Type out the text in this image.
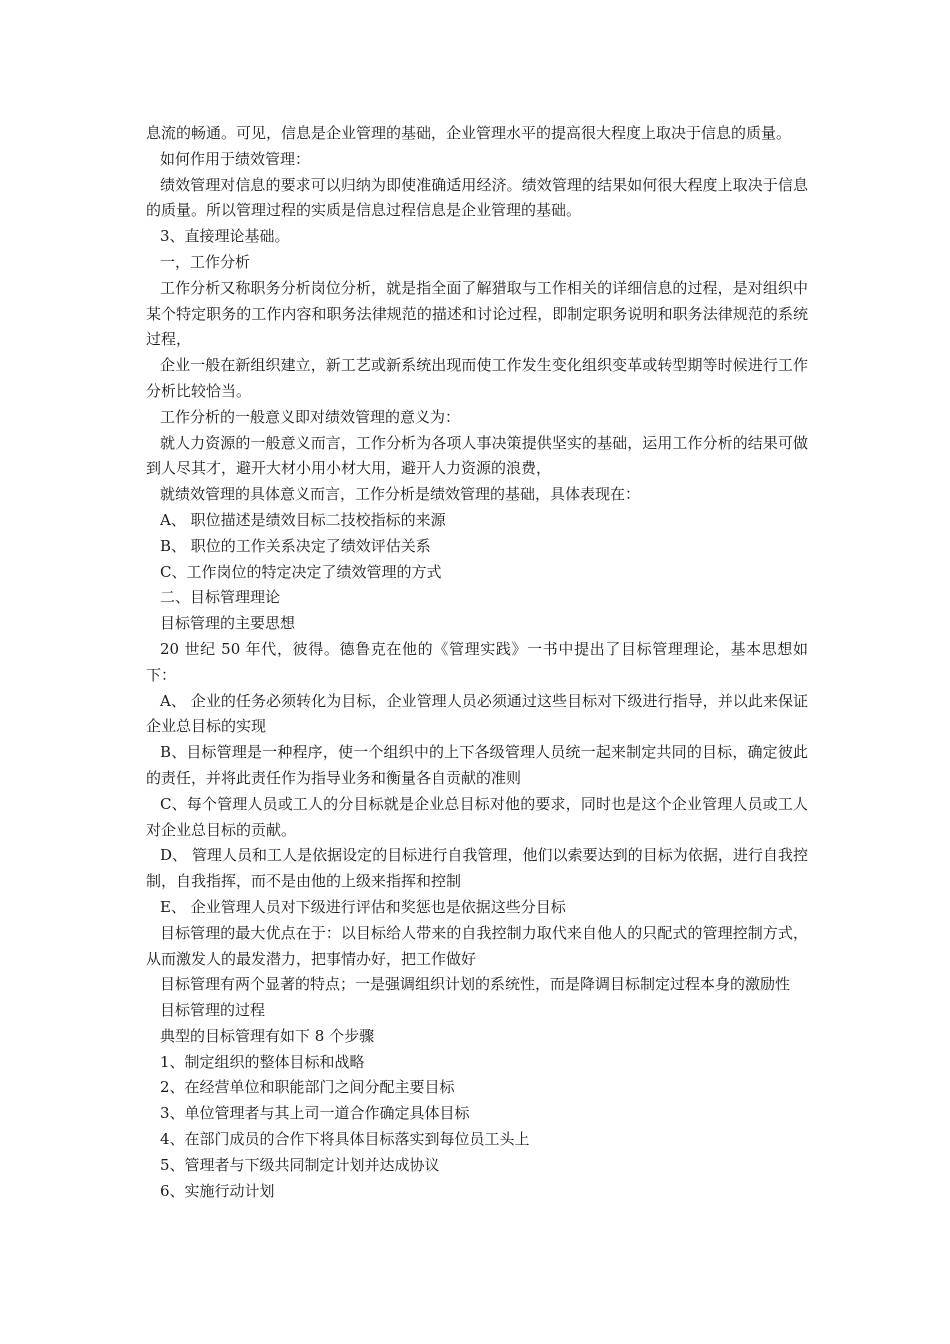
息流的畅通。可见，信息是企业管理的基础，企业管理水平的提高很大程度上取决于信息的质量。

如何作用于绩效管理：

绩效管理对信息的要求可以归纳为即使准确适用经济。绩效管理的结果如何很大程度上取决于信息的质量。所以管理过程的实质是信息过程信息是企业管理的基础。

3、直接理论基础。

一，工作分析

工作分析又称职务分析岗位分析，就是指全面了解猎取与工作相关的详细信息的过程，是对组织中某个特定职务的工作内容和职务法律规范的描述和讨论过程，即制定职务说明和职务法律规范的系统过程，

企业一般在新组织建立，新工艺或新系统出现而使工作发生变化组织变革或转型期等时候进行工作分析比较恰当。

工作分析的一般意义即对绩效管理的意义为：

就人力资源的一般意义而言，工作分析为各项人事决策提供坚实的基础，运用工作分析的结果可做到人尽其才，避开大材小用小材大用，避开人力资源的浪费，

就绩效管理的具体意义而言，工作分析是绩效管理的基础，具体表现在：

A、 职位描述是绩效目标二技校指标的来源

B、 职位的工作关系决定了绩效评估关系

C、工作岗位的特定决定了绩效管理的方式

二、目标管理理论

目标管理的主要思想

20 世纪 50 年代，彼得。德鲁克在他的《管理实践》一书中提出了目标管理理论，基本思想如下：

A、 企业的任务必须转化为目标，企业管理人员必须通过这些目标对下级进行指导，并以此来保证企业总目标的实现

B、目标管理是一种程序，使一个组织中的上下各级管理人员统一起来制定共同的目标，确定彼此的责任，并将此责任作为指导业务和衡量各自贡献的准则

C、每个管理人员或工人的分目标就是企业总目标对他的要求，同时也是这个企业管理人员或工人对企业总目标的贡献。

D、 管理人员和工人是依据设定的目标进行自我管理，他们以索要达到的目标为依据，进行自我控制，自我指挥，而不是由他的上级来指挥和控制

E、 企业管理人员对下级进行评估和奖惩也是依据这些分目标

目标管理的最大优点在于：以目标给人带来的自我控制力取代来自他人的只配式的管理控制方式，从而激发人的最发潜力，把事情办好，把工作做好

目标管理有两个显著的特点；一是强调组织计划的系统性，而是降调目标制定过程本身的激励性

目标管理的过程

典型的目标管理有如下 8 个步骤

1、制定组织的整体目标和战略

2、在经营单位和职能部门之间分配主要目标

3、单位管理者与其上司一道合作确定具体目标

4、在部门成员的合作下将具体目标落实到每位员工头上

5、管理者与下级共同制定计划并达成协议

6、实施行动计划
